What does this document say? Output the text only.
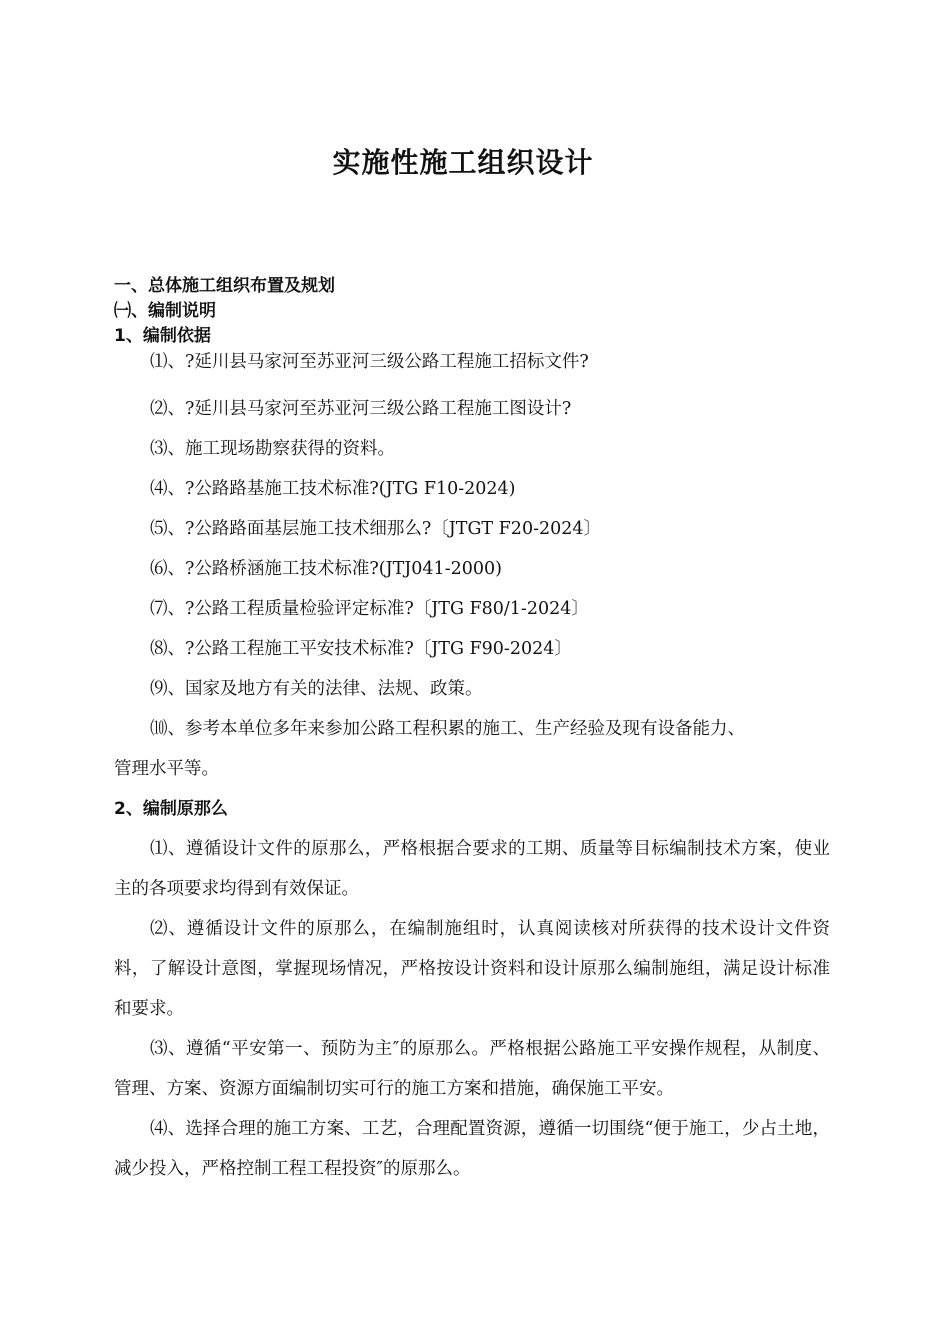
实施性施工组织设计

一、总体施工组织布置及规划

㈠、编制说明

1、编制依据

⑴、?延川县马家河至苏亚河三级公路工程施工招标文件?

⑵、?延川县马家河至苏亚河三级公路工程施工图设计?

⑶、施工现场勘察获得的资料。

⑷、?公路路基施工技术标准?(JTG F10-2024)

⑸、?公路路面基层施工技术细那么?〔JTGT F20-2024〕

⑹、?公路桥涵施工技术标准?(JTJ041-2000)

⑺、?公路工程质量检验评定标准?〔JTG F80/1-2024〕

⑻、?公路工程施工平安技术标准?〔JTG F90-2024〕

⑼、国家及地方有关的法律、法规、政策。

⑽、参考本单位多年来参加公路工程积累的施工、生产经验及现有设备能力、

管理水平等。

2、编制原那么

⑴、遵循设计文件的原那么，严格根据合要求的工期、质量等目标编制技术方案，使业主的各项要求均得到有效保证。

⑵、遵循设计文件的原那么，在编制施组时，认真阅读核对所获得的技术设计文件资料，了解设计意图，掌握现场情况，严格按设计资料和设计原那么编制施组，满足设计标准和要求。

⑶、遵循“平安第一、预防为主″的原那么。严格根据公路施工平安操作规程，从制度、管理、方案、资源方面编制切实可行的施工方案和措施，确保施工平安。

⑷、选择合理的施工方案、工艺，合理配置资源，遵循一切围绕“便于施工，少占土地，减少投入，严格控制工程工程投资″的原那么。
